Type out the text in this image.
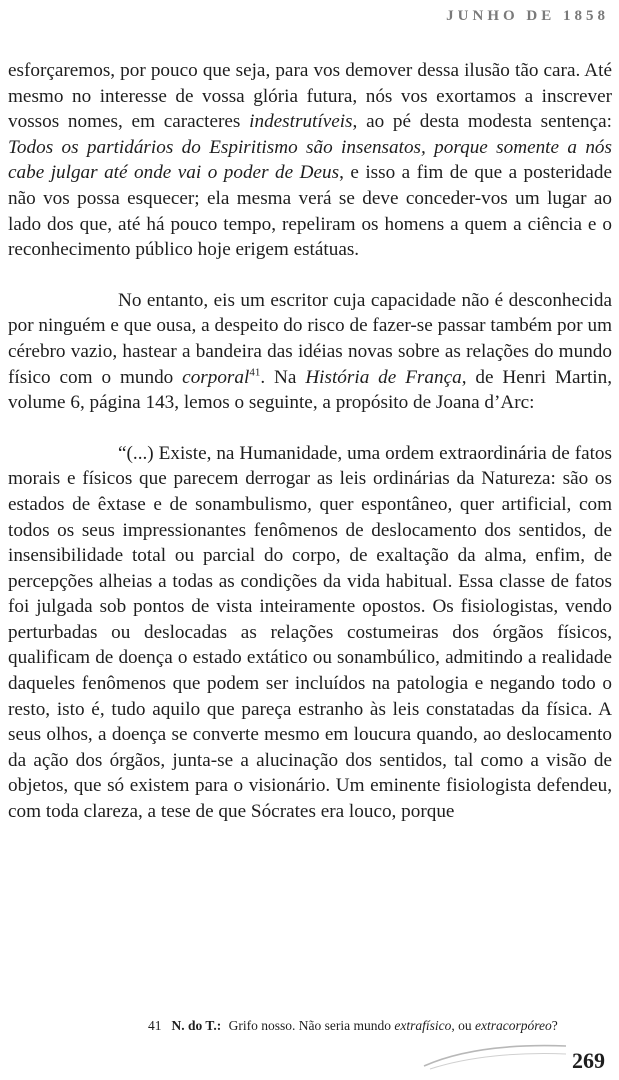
JUNHO DE 1858

esforçaremos, por pouco que seja, para vos demover dessa ilusão tão cara. Até mesmo no interesse de vossa glória futura, nós vos exortamos a inscrever vossos nomes, em caracteres indestrutíveis, ao pé desta modesta sentença: Todos os partidários do Espiritismo são insensatos, porque somente a nós cabe julgar até onde vai o poder de Deus, e isso a fim de que a posteridade não vos possa esquecer; ela mesma verá se deve conceder-vos um lugar ao lado dos que, até há pouco tempo, repeliram os homens a quem a ciência e o reconhecimento público hoje erigem estátuas.

No entanto, eis um escritor cuja capacidade não é desconhecida por ninguém e que ousa, a despeito do risco de fazer-se passar também por um cérebro vazio, hastear a bandeira das idéias novas sobre as relações do mundo físico com o mundo corporal$^{41}$. Na História de França, de Henri Martin, volume 6, página 143, lemos o seguinte, a propósito de Joana d’Arc:

“(...) Existe, na Humanidade, uma ordem extraordinária de fatos morais e físicos que parecem derrogar as leis ordinárias da Natureza: são os estados de êxtase e de sonambulismo, quer espontâneo, quer artificial, com todos os seus impressionantes fenômenos de deslocamento dos sentidos, de insensibilidade total ou parcial do corpo, de exaltação da alma, enfim, de percepções alheias a todas as condições da vida habitual. Essa classe de fatos foi julgada sob pontos de vista inteiramente opostos. Os fisiologistas, vendo perturbadas ou deslocadas as relações costumeiras dos órgãos físicos, qualificam de doença o estado extático ou sonambúlico, admitindo a realidade daqueles fenômenos que podem ser incluídos na patologia e negando todo o resto, isto é, tudo aquilo que pareça estranho às leis constatadas da física. A seus olhos, a doença se converte mesmo em loucura quando, ao deslocamento da ação dos órgãos, junta-se a alucinação dos sentidos, tal como a visão de objetos, que só existem para o visionário. Um eminente fisiologista defendeu, com toda clareza, a tese de que Sócrates era louco, porque

41 N. do T.: Grifo nosso. Não seria mundo extrafísico, ou extracorpóreo?
269
